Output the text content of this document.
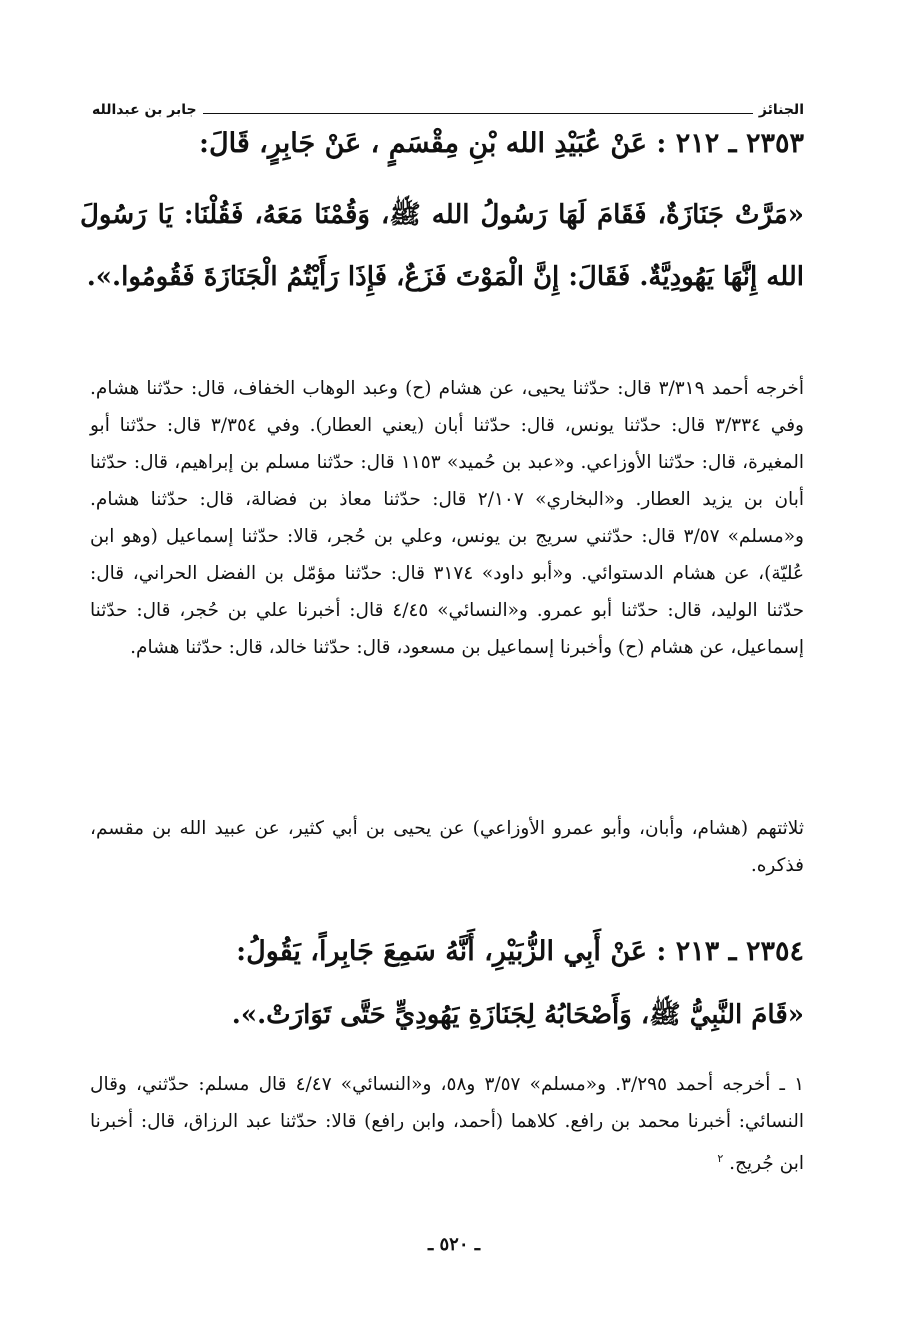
الجنائز
جابر بن عبدالله
٢٣٥٣ ـ ٢١٢ : عَنْ عُبَيْدِ الله بْنِ مِقْسَمٍ ، عَنْ جَابِرٍ، قَالَ:
«مَرَّتْ جَنَازَةٌ، فَقَامَ لَهَا رَسُولُ الله ﷺ، وَقُمْنَا مَعَهُ، فَقُلْنَا: يَا رَسُولَ الله إِنَّهَا يَهُودِيَّةٌ. فَقَالَ: إِنَّ الْمَوْتَ فَزَعٌ، فَإِذَا رَأَيْتُمُ الْجَنَازَةَ فَقُومُوا.».

أخرجه أحمد ٣/٣١٩ قال: حدّثنا يحيى، عن هشام (ح) وعبد الوهاب الخفاف، قال: حدّثنا هشام. وفي ٣/٣٣٤ قال: حدّثنا يونس، قال: حدّثنا أبان (يعني العطار). وفي ٣/٣٥٤ قال: حدّثنا أبو المغيرة، قال: حدّثنا الأوزاعي. و«عبد بن حُميد» ١١٥٣ قال: حدّثنا مسلم بن إبراهيم، قال: حدّثنا أبان بن يزيد العطار. و«البخاري» ٢/١٠٧ قال: حدّثنا معاذ بن فضالة، قال: حدّثنا هشام. و«مسلم» ٣/٥٧ قال: حدّثني سريج بن يونس، وعلي بن حُجر، قالا: حدّثنا إسماعيل (وهو ابن عُليّة)، عن هشام الدستوائي. و«أبو داود» ٣١٧٤ قال: حدّثنا مؤمّل بن الفضل الحراني، قال: حدّثنا الوليد، قال: حدّثنا أبو عمرو. و«النسائي» ٤/٤٥ قال: أخبرنا علي بن حُجر، قال: حدّثنا إسماعيل، عن هشام (ح) وأخبرنا إسماعيل بن مسعود، قال: حدّثنا خالد، قال: حدّثنا هشام.

ثلاثتهم (هشام، وأبان، وأبو عمرو الأوزاعي) عن يحيى بن أبي كثير، عن عبيد الله بن مقسم، فذكره.

٢٣٥٤ ـ ٢١٣ : عَنْ أَبِي الزُّبَيْرِ، أَنَّهُ سَمِعَ جَابِراً، يَقُولُ:
«قَامَ النَّبِيُّ ﷺ، وَأَصْحَابُهُ لِجَنَازَةِ يَهُودِيٍّ حَتَّى تَوَارَتْ.».

١ ـ أخرجه أحمد ٣/٢٩٥. و«مسلم» ٣/٥٧ و٥٨، و«النسائي» ٤/٤٧ قال مسلم: حدّثني، وقال النسائي: أخبرنا محمد بن رافع. كلاهما (أحمد، وابن رافع) قالا: حدّثنا عبد الرزاق، قال: أخبرنا ابن جُريج. $^٢$

ـ ٥٢٠ ـ
